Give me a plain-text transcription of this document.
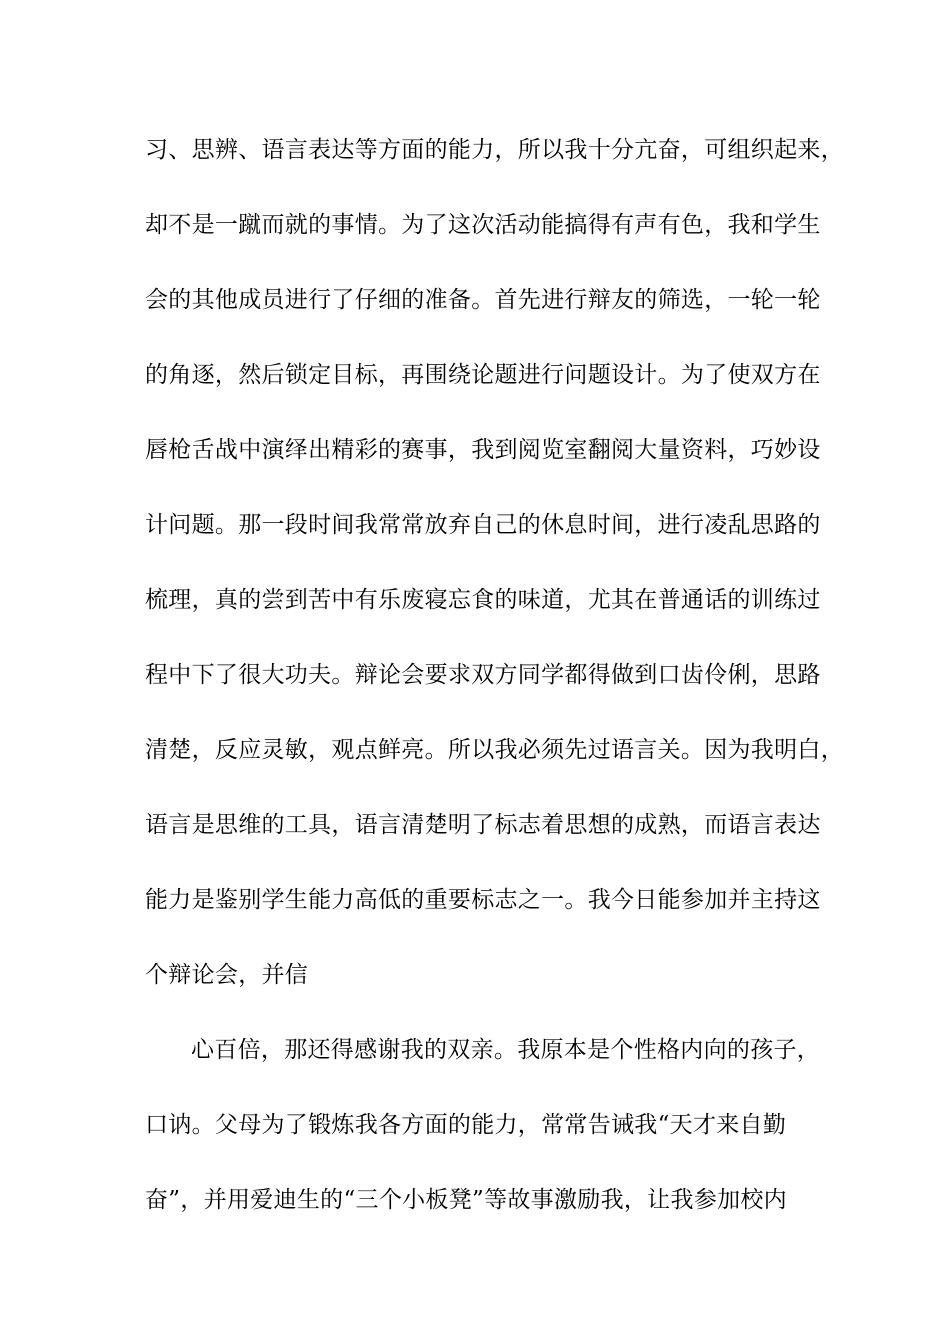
习、思辨、语言表达等方面的能力，所以我十分亢奋，可组织起来，
却不是一蹴而就的事情。为了这次活动能搞得有声有色，我和学生
会的其他成员进行了仔细的准备。首先进行辩友的筛选，一轮一轮
的角逐，然后锁定目标，再围绕论题进行问题设计。为了使双方在
唇枪舌战中演绎出精彩的赛事，我到阅览室翻阅大量资料，巧妙设
计问题。那一段时间我常常放弃自己的休息时间，进行凌乱思路的
梳理，真的尝到苦中有乐废寝忘食的味道，尤其在普通话的训练过
程中下了很大功夫。辩论会要求双方同学都得做到口齿伶俐，思路
清楚，反应灵敏，观点鲜亮。所以我必须先过语言关。因为我明白，
语言是思维的工具，语言清楚明了标志着思想的成熟，而语言表达
能力是鉴别学生能力高低的重要标志之一。我今日能参加并主持这
个辩论会，并信
心百倍，那还得感谢我的双亲。我原本是个性格内向的孩子，
口讷。父母为了锻炼我各方面的能力，常常告诫我“天才来自勤
奋”，并用爱迪生的“三个小板凳”等故事激励我，让我参加校内
